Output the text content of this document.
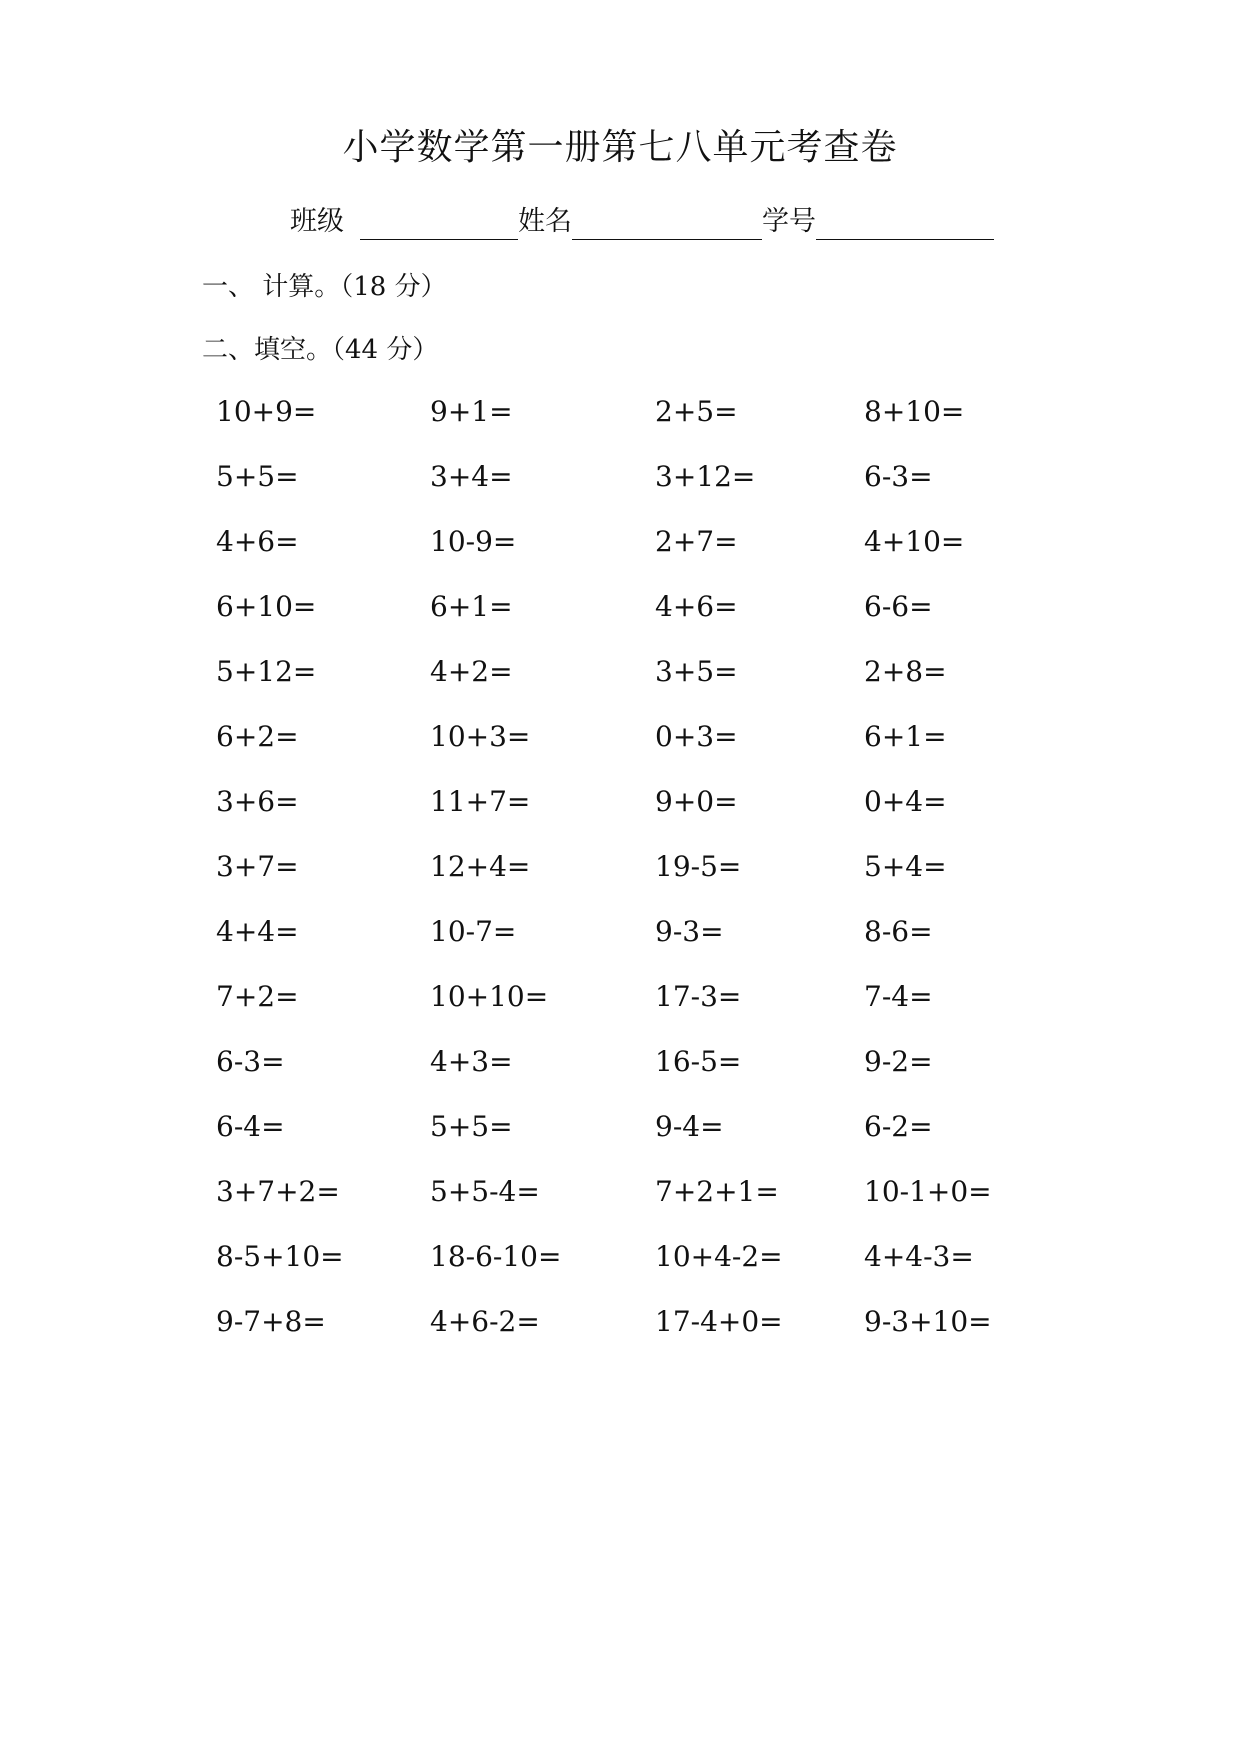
小学数学第一册第七八单元考查卷
班级	姓名	学号
一、 计算。（18 分）
二、填空。（44 分）
10+9=	9+1=	2+5=	8+10=
5+5=	3+4=	3+12=	6-3=
4+6=	10-9=	2+7=	4+10=
6+10=	6+1=	4+6=	6-6=
5+12=	4+2=	3+5=	2+8=
6+2=	10+3=	0+3=	6+1=
3+6=	11+7=	9+0=	0+4=
3+7=	12+4=	19-5=	5+4=
4+4=	10-7=	9-3=	8-6=
7+2=	10+10=	17-3=	7-4=
6-3=	4+3=	16-5=	9-2=
6-4=	5+5=	9-4=	6-2=
3+7+2=	5+5-4=	7+2+1=	10-1+0=
8-5+10=	18-6-10=	10+4-2=	4+4-3=
9-7+8=	4+6-2=	17-4+0=	9-3+10=
